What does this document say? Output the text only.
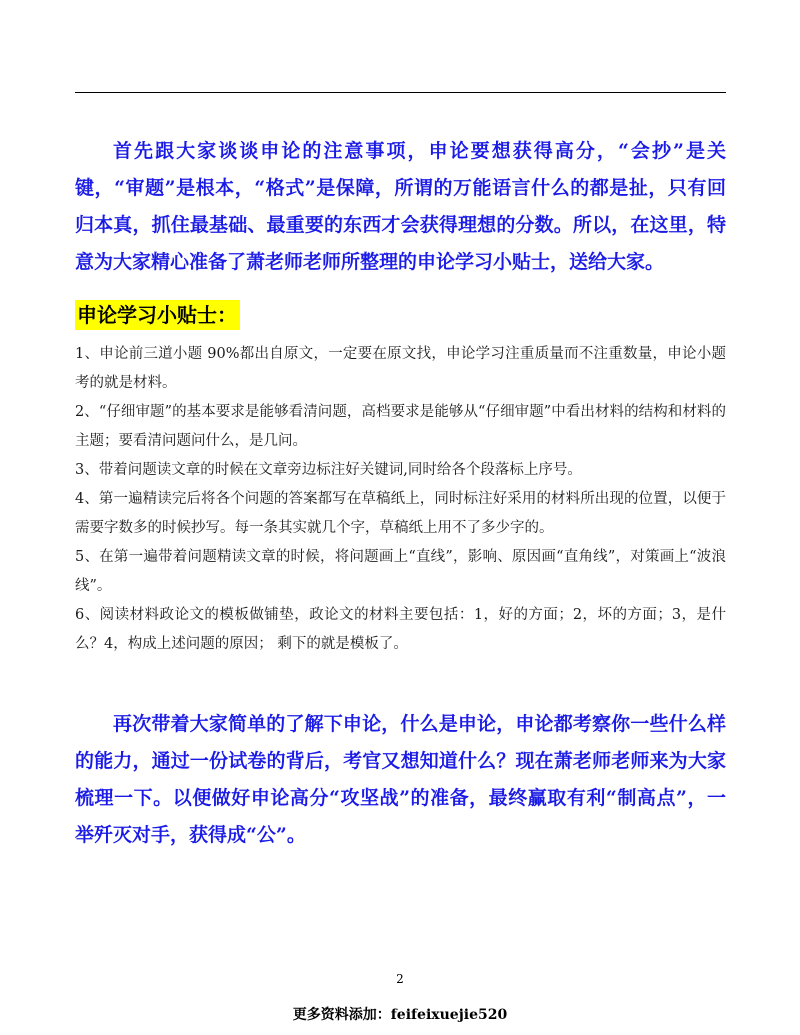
首先跟大家谈谈申论的注意事项，申论要想获得高分，“会抄”是关键，“审题”是根本，“格式”是保障，所谓的万能语言什么的都是扯，只有回归本真，抓住最基础、最重要的东西才会获得理想的分数。所以，在这里，特意为大家精心准备了萧老师老师所整理的申论学习小贴士，送给大家。

申论学习小贴士：

1、申论前三道小题 90%都出自原文，一定要在原文找，申论学习注重质量而不注重数量，申论小题考的就是材料。
2、“仔细审题”的基本要求是能够看清问题，高档要求是能够从“仔细审题”中看出材料的结构和材料的主题；要看清问题问什么，是几问。
3、带着问题读文章的时候在文章旁边标注好关键词,同时给各个段落标上序号。
4、第一遍精读完后将各个问题的答案都写在草稿纸上，同时标注好采用的材料所出现的位置，以便于需要字数多的时候抄写。每一条其实就几个字，草稿纸上用不了多少字的。
5、在第一遍带着问题精读文章的时候，将问题画上“直线”，影响、原因画“直角线”，对策画上“波浪线”。
6、阅读材料政论文的模板做铺垫，政论文的材料主要包括：1，好的方面；2，坏的方面；3，是什么？4，构成上述问题的原因； 剩下的就是模板了。

再次带着大家简单的了解下申论，什么是申论，申论都考察你一些什么样的能力，通过一份试卷的背后，考官又想知道什么？现在萧老师老师来为大家梳理一下。以便做好申论高分“攻坚战”的准备，最终赢取有利“制高点”，一举歼灭对手，获得成“公”。

2

更多资料添加：feifeixuejie520
